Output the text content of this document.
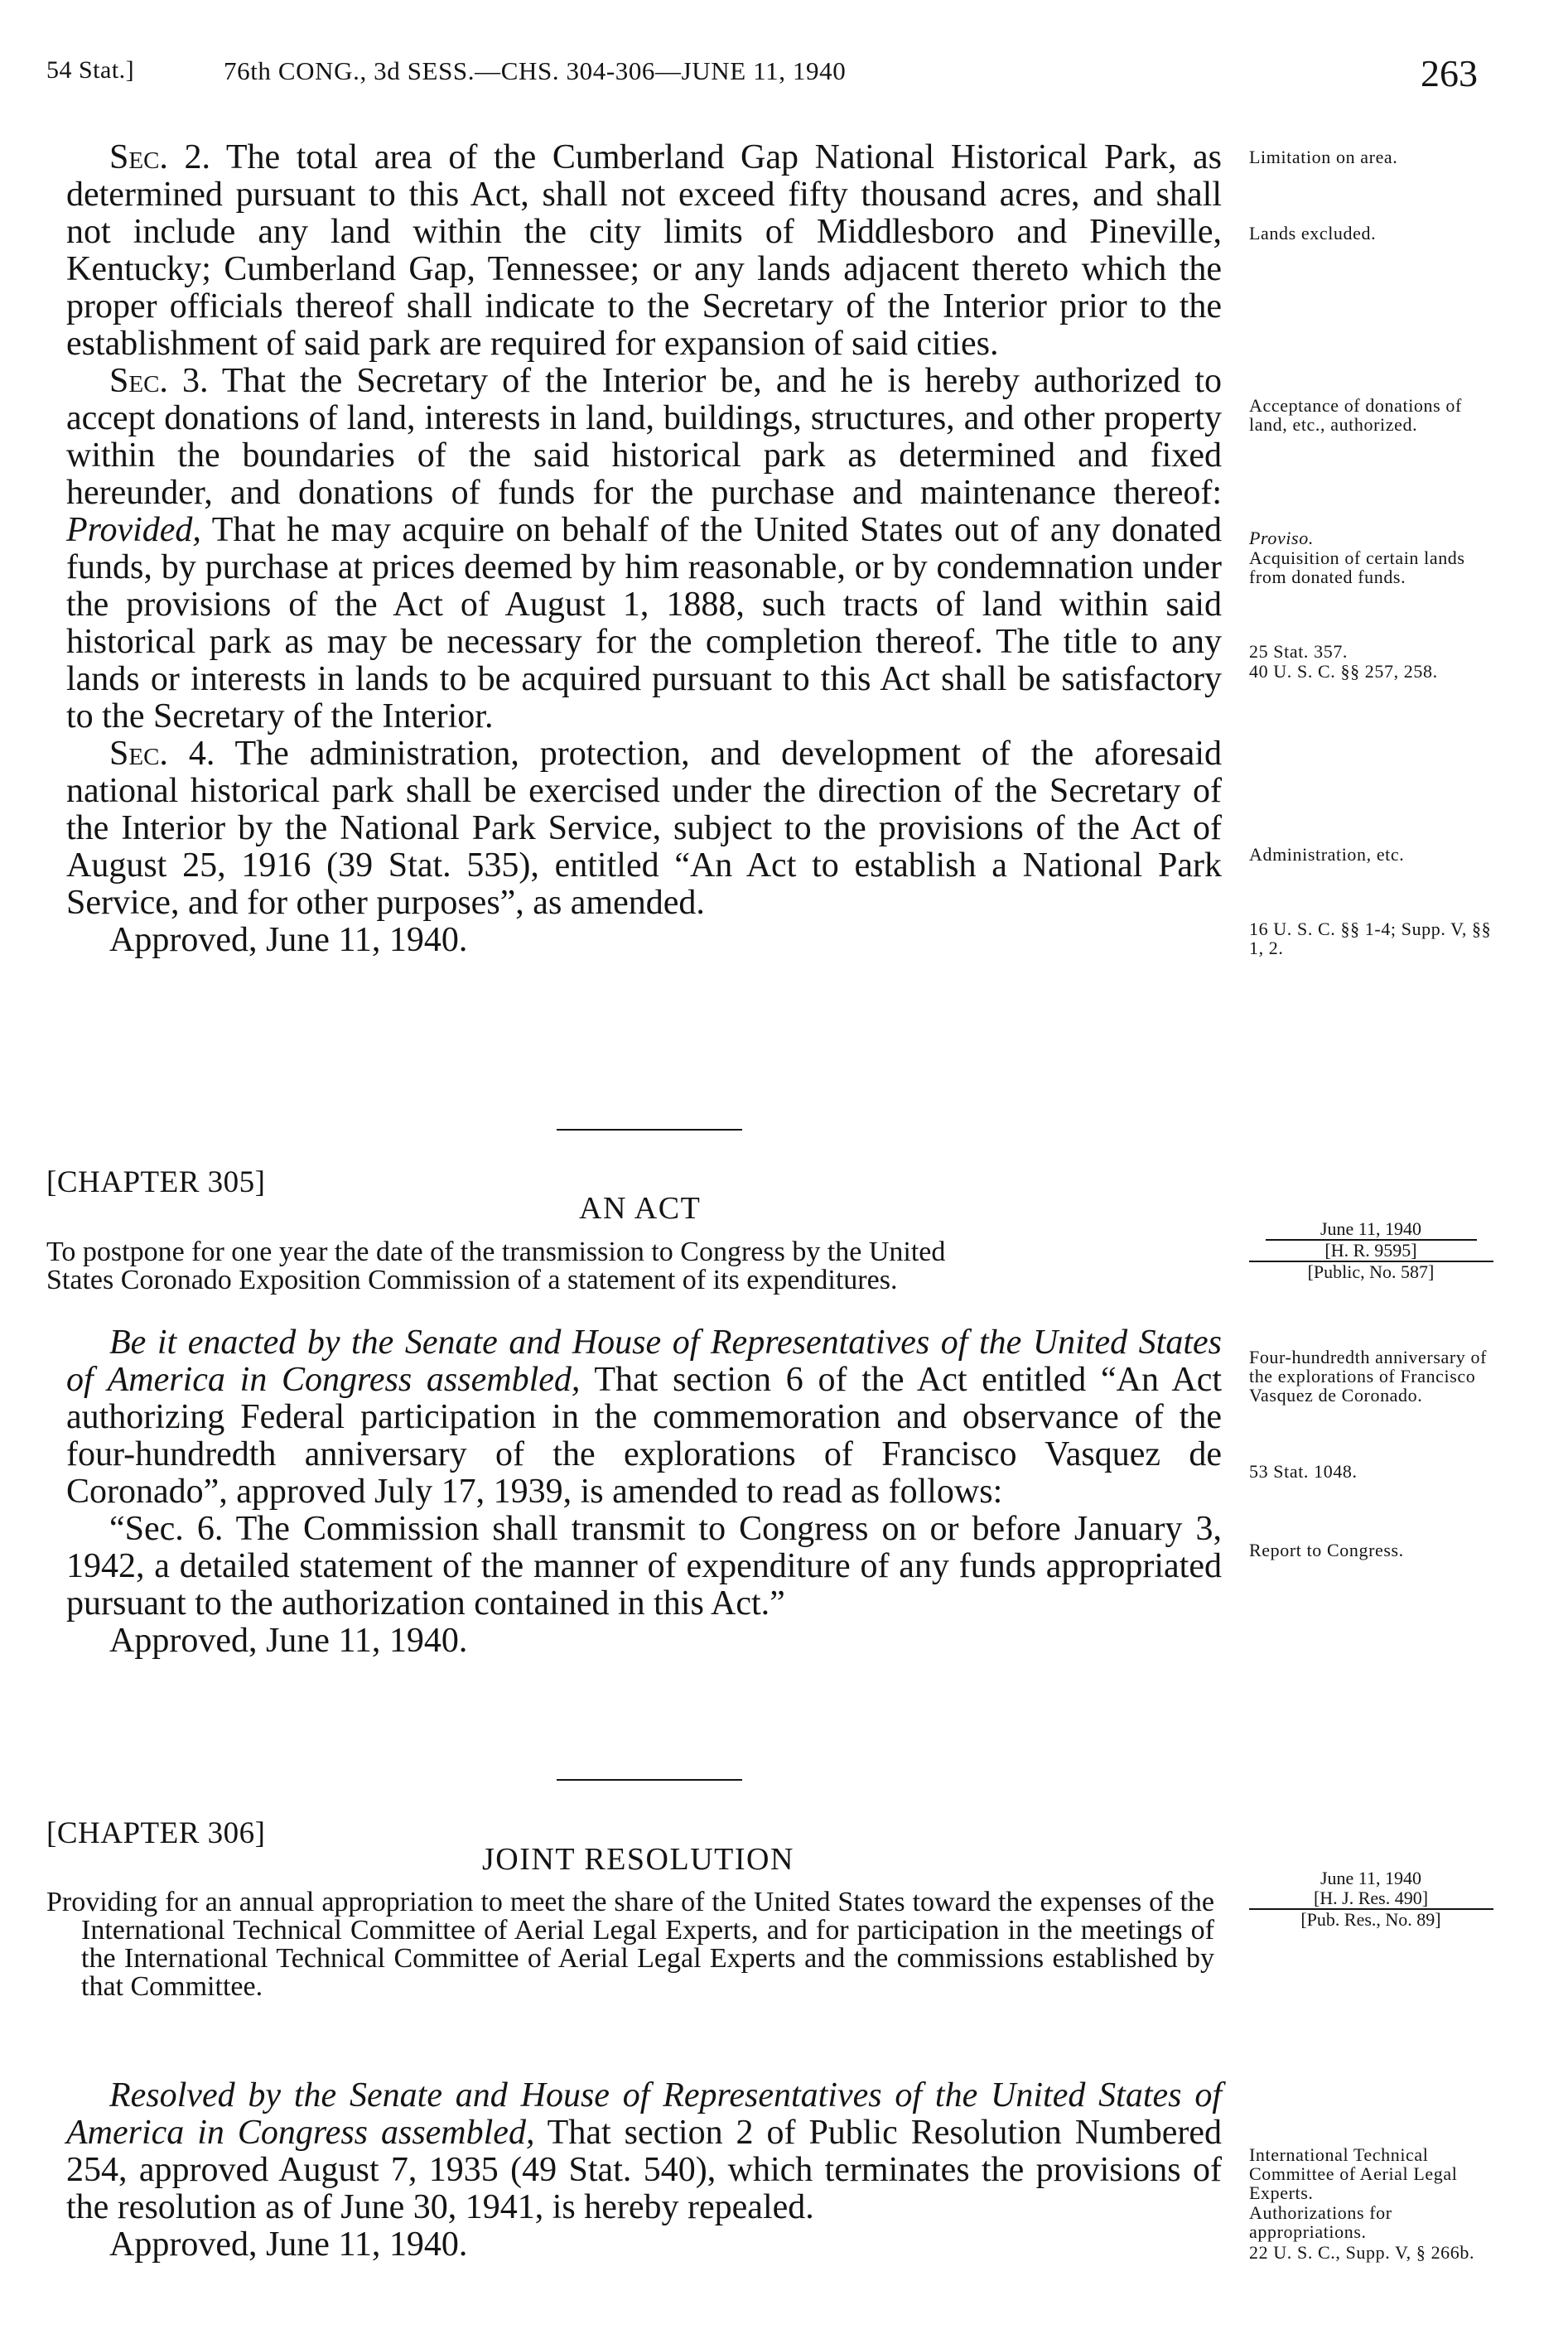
54 Stat.]	76th CONG., 3d SESS.—CHS. 304-306—JUNE 11, 1940	263

Sec. 2. The total area of the Cumberland Gap National Historical Park, as determined pursuant to this Act, shall not exceed fifty thousand acres, and shall not include any land within the city limits of Middlesboro and Pineville, Kentucky; Cumberland Gap, Tennessee; or any lands adjacent thereto which the proper officials thereof shall indicate to the Secretary of the Interior prior to the establishment of said park are required for expansion of said cities.

Sec. 3. That the Secretary of the Interior be, and he is hereby authorized to accept donations of land, interests in land, buildings, structures, and other property within the boundaries of the said historical park as determined and fixed hereunder, and donations of funds for the purchase and maintenance thereof: Provided, That he may acquire on behalf of the United States out of any donated funds, by purchase at prices deemed by him reasonable, or by condemnation under the provisions of the Act of August 1, 1888, such tracts of land within said historical park as may be necessary for the completion thereof. The title to any lands or interests in lands to be acquired pursuant to this Act shall be satisfactory to the Secretary of the Interior.

Sec. 4. The administration, protection, and development of the aforesaid national historical park shall be exercised under the direction of the Secretary of the Interior by the National Park Service, subject to the provisions of the Act of August 25, 1916 (39 Stat. 535), entitled “An Act to establish a National Park Service, and for other purposes”, as amended.

Approved, June 11, 1940.

Limitation on area.
Lands excluded.
Acceptance of donations of land, etc., authorized.
Proviso.
Acquisition of certain lands from donated funds.
25 Stat. 357.
40 U. S. C. §§ 257, 258.
Administration, etc.
16 U. S. C. §§ 1-4; Supp. V, §§ 1, 2.
[CHAPTER 305]
AN ACT
To postpone for one year the date of the transmission to Congress by the United
States Coronado Exposition Commission of a statement of its expenditures.
June 11, 1940
[H. R. 9595]
[Public, No. 587]

Be it enacted by the Senate and House of Representatives of the United States of America in Congress assembled, That section 6 of the Act entitled “An Act authorizing Federal participation in the commemoration and observance of the four-hundredth anniversary of the explorations of Francisco Vasquez de Coronado”, approved July 17, 1939, is amended to read as follows:

“Sec. 6. The Commission shall transmit to Congress on or before January 3, 1942, a detailed statement of the manner of expenditure of any funds appropriated pursuant to the authorization contained in this Act.”

Approved, June 11, 1940.

Four-hundredth anniversary of the explorations of Francisco Vasquez de Coronado.
53 Stat. 1048.
Report to Congress.
[CHAPTER 306]
JOINT RESOLUTION
Providing for an annual appropriation to meet the share of the United States toward the expenses of the International Technical Committee of Aerial Legal Experts, and for participation in the meetings of the International Technical Committee of Aerial Legal Experts and the commissions established by that Committee.
June 11, 1940
[H. J. Res. 490]
[Pub. Res., No. 89]

Resolved by the Senate and House of Representatives of the United States of America in Congress assembled, That section 2 of Public Resolution Numbered 254, approved August 7, 1935 (49 Stat. 540), which terminates the provisions of the resolution as of June 30, 1941, is hereby repealed.

Approved, June 11, 1940.

International Technical Committee of Aerial Legal Experts.
Authorizations for appropriations.
22 U. S. C., Supp. V, § 266b.
